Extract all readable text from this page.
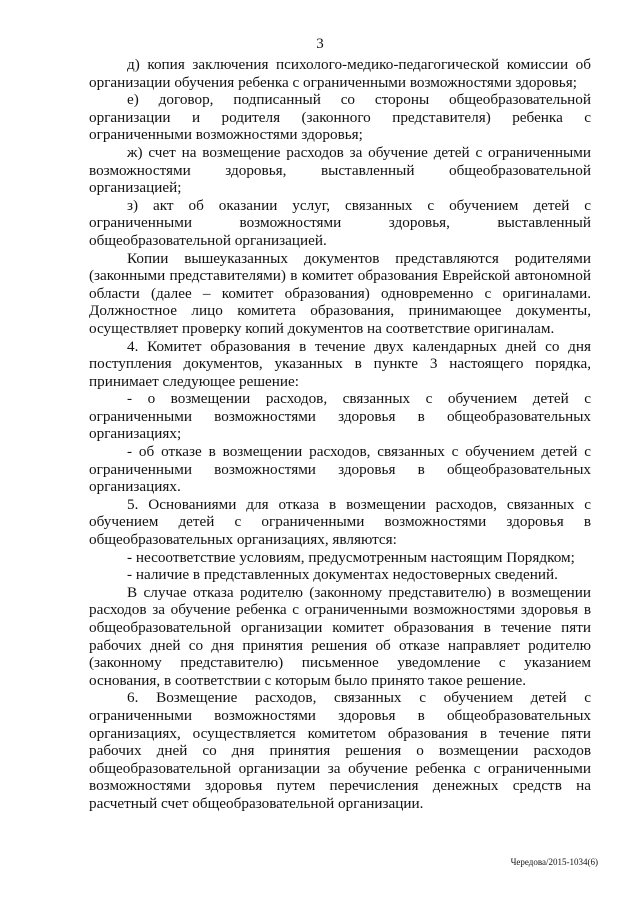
3

д) копия заключения психолого-медико-педагогической комиссии об организации обучения ребенка с ограниченными возможностями здоровья;

е) договор, подписанный со стороны общеобразовательной организации и родителя (законного представителя) ребенка с ограниченными возможностями здоровья;

ж) счет на возмещение расходов за обучение детей с ограниченными возможностями здоровья, выставленный общеобразовательной организацией;

з) акт об оказании услуг, связанных с обучением детей с ограниченными возможностями здоровья, выставленный общеобразовательной организацией.

Копии вышеуказанных документов представляются родителями (законными представителями) в комитет образования Еврейской автономной области (далее – комитет образования) одновременно с оригиналами. Должностное лицо комитета образования, принимающее документы, осуществляет проверку копий документов на соответствие оригиналам.

4. Комитет образования в течение двух календарных дней со дня поступления документов, указанных в пункте 3 настоящего порядка, принимает следующее решение:

- о возмещении расходов, связанных с обучением детей с ограниченными возможностями здоровья в общеобразовательных организациях;

- об отказе в возмещении расходов, связанных с обучением детей с ограниченными возможностями здоровья в общеобразовательных организациях.

5. Основаниями для отказа в возмещении расходов, связанных с обучением детей с ограниченными возможностями здоровья в общеобразовательных организациях, являются:

- несоответствие условиям, предусмотренным настоящим Порядком;

- наличие в представленных документах недостоверных сведений.

В случае отказа родителю (законному представителю) в возмещении расходов за обучение ребенка с ограниченными возможностями здоровья в общеобразовательной организации комитет образования в течение пяти рабочих дней со дня принятия решения об отказе направляет родителю (законному представителю) письменное уведомление с указанием основания, в соответствии с которым было принято такое решение.

6. Возмещение расходов, связанных с обучением детей с ограниченными возможностями здоровья в общеобразовательных организациях, осуществляется комитетом образования в течение пяти рабочих дней со дня принятия решения о возмещении расходов общеобразовательной организации за обучение ребенка с ограниченными возможностями здоровья путем перечисления денежных средств на расчетный счет общеобразовательной организации.

Чередова/2015-1034(6)
